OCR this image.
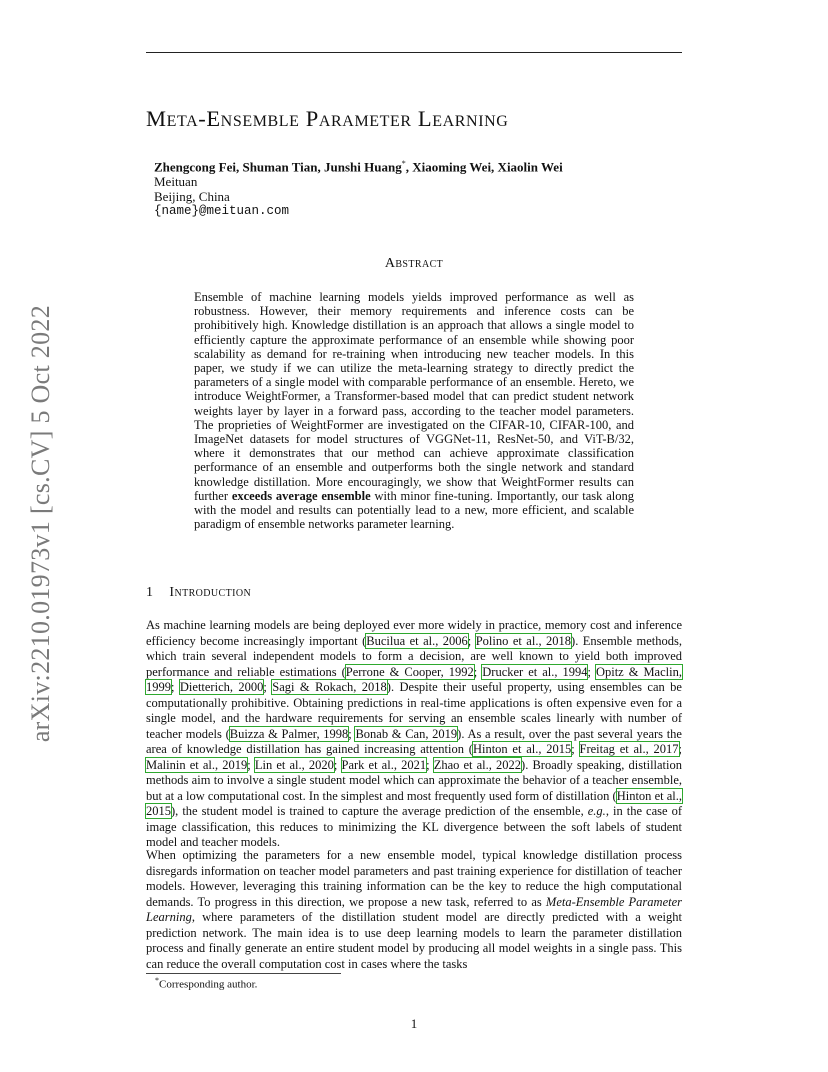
arXiv:2210.01973v1 [cs.CV] 5 Oct 2022
Meta-Ensemble Parameter Learning
Zhengcong Fei, Shuman Tian, Junshi Huang*, Xiaoming Wei, Xiaolin Wei
Meituan
Beijing, China
{name}@meituan.com
Abstract
Ensemble of machine learning models yields improved performance as well as robustness. However, their memory requirements and inference costs can be prohibitively high. Knowledge distillation is an approach that allows a single model to efficiently capture the approximate performance of an ensemble while showing poor scalability as demand for re-training when introducing new teacher models. In this paper, we study if we can utilize the meta-learning strategy to directly predict the parameters of a single model with comparable performance of an ensemble. Hereto, we introduce WeightFormer, a Transformer-based model that can predict student network weights layer by layer in a forward pass, according to the teacher model parameters. The proprieties of WeightFormer are investigated on the CIFAR-10, CIFAR-100, and ImageNet datasets for model structures of VGGNet-11, ResNet-50, and ViT-B/32, where it demonstrates that our method can achieve approximate classification performance of an ensemble and outperforms both the single network and standard knowledge distillation. More encouragingly, we show that WeightFormer results can further exceeds average ensemble with minor fine-tuning. Importantly, our task along with the model and results can potentially lead to a new, more efficient, and scalable paradigm of ensemble networks parameter learning.
1 Introduction
As machine learning models are being deployed ever more widely in practice, memory cost and inference efficiency become increasingly important (Bucilua et al., 2006; Polino et al., 2018). Ensemble methods, which train several independent models to form a decision, are well known to yield both improved performance and reliable estimations (Perrone & Cooper, 1992; Drucker et al., 1994; Opitz & Maclin, 1999; Dietterich, 2000; Sagi & Rokach, 2018). Despite their useful property, using ensembles can be computationally prohibitive. Obtaining predictions in real-time applications is often expensive even for a single model, and the hardware requirements for serving an ensemble scales linearly with number of teacher models (Buizza & Palmer, 1998; Bonab & Can, 2019). As a result, over the past several years the area of knowledge distillation has gained increasing attention (Hinton et al., 2015; Freitag et al., 2017; Malinin et al., 2019; Lin et al., 2020; Park et al., 2021; Zhao et al., 2022). Broadly speaking, distillation methods aim to involve a single student model which can approximate the behavior of a teacher ensemble, but at a low computational cost. In the simplest and most frequently used form of distillation (Hinton et al., 2015), the student model is trained to capture the average prediction of the ensemble, e.g., in the case of image classification, this reduces to minimizing the KL divergence between the soft labels of student model and teacher models.
When optimizing the parameters for a new ensemble model, typical knowledge distillation process disregards information on teacher model parameters and past training experience for distillation of teacher models. However, leveraging this training information can be the key to reduce the high computational demands. To progress in this direction, we propose a new task, referred to as Meta-Ensemble Parameter Learning, where parameters of the distillation student model are directly predicted with a weight prediction network. The main idea is to use deep learning models to learn the parameter distillation process and finally generate an entire student model by producing all model weights in a single pass. This can reduce the overall computation cost in cases where the tasks
*Corresponding author.
1
